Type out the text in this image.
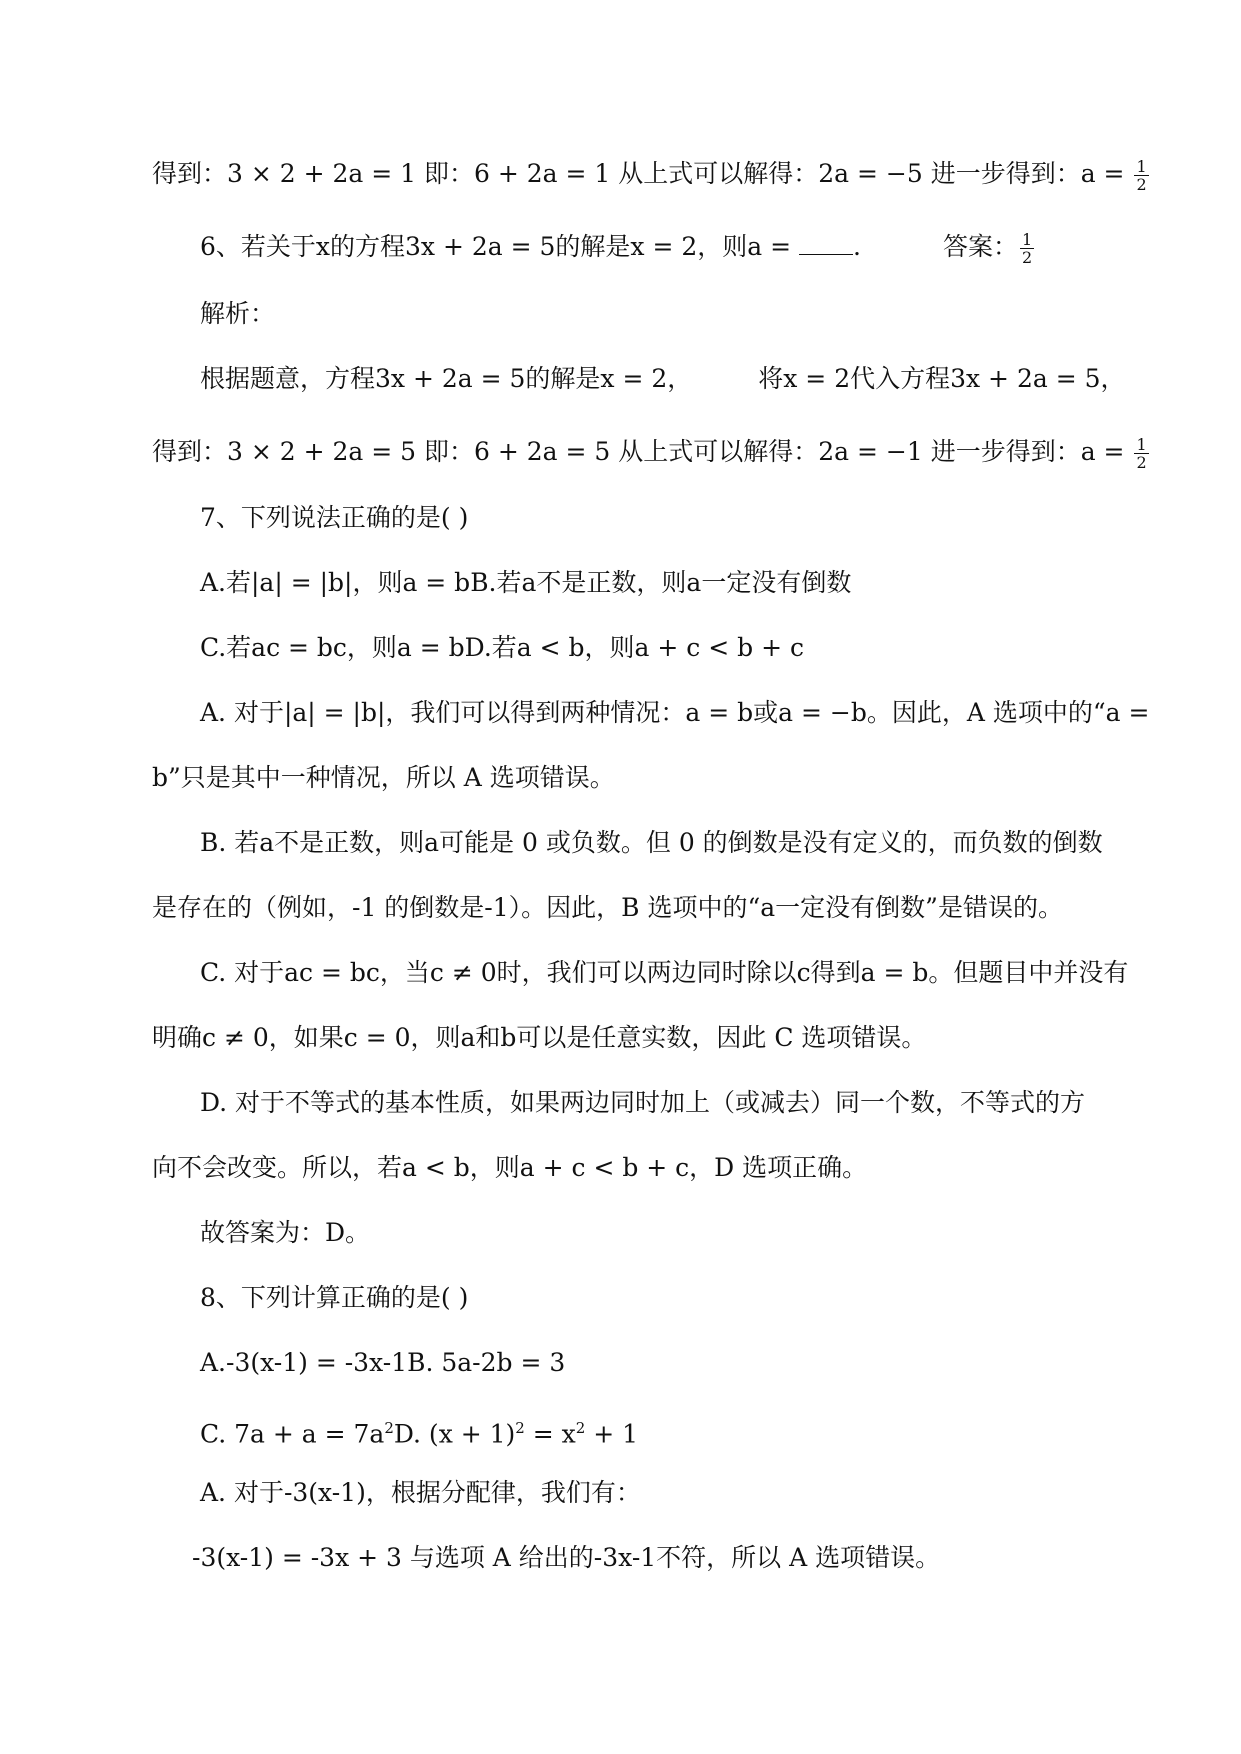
得到：3 × 2 + 2a = 1 即：6 + 2a = 1 从上式可以解得：2a = −5 进一步得到：$a = \frac{1}{2}$
6、若关于x的方程3x + 2a = 5的解是x = 2，则a = .	答案： $\frac{1}{2}$
解析：
根据题意，方程3x + 2a = 5的解是x = 2，	将x = 2代入方程3x + 2a = 5，
得到：3 × 2 + 2a = 5 即：6 + 2a = 5 从上式可以解得：2a = −1 进一步得到：$a = \frac{1}{2}$
7、下列说法正确的是( )
A.若|a| = |b|，则a = bB.若a不是正数，则a一定没有倒数
C.若ac = bc，则a = bD.若a < b，则a + c < b + c
A. 对于|a| = |b|，我们可以得到两种情况：a = b或a = −b。因此，A 选项中的“a =
b”只是其中一种情况，所以 A 选项错误。
B. 若a不是正数，则a可能是 0 或负数。但 0 的倒数是没有定义的，而负数的倒数
是存在的（例如，-1 的倒数是-1）。因此，B 选项中的“a一定没有倒数”是错误的。
C. 对于ac = bc，当c ≠ 0时，我们可以两边同时除以c得到a = b。但题目中并没有
明确c ≠ 0，如果c = 0，则a和b可以是任意实数，因此 C 选项错误。
D. 对于不等式的基本性质，如果两边同时加上（或减去）同一个数，不等式的方
向不会改变。所以，若a < b，则a + c < b + c，D 选项正确。
故答案为：D。
8、下列计算正确的是( )
A.-3(x-1) = -3x-1B. 5a-2b = 3
C. $7a + a = 7a^2D$. $(x + 1)^2 = x^2 + 1$
A. 对于-3(x-1)，根据分配律，我们有：
-3(x-1) = -3x + 3 与选项 A 给出的-3x-1不符，所以 A 选项错误。
